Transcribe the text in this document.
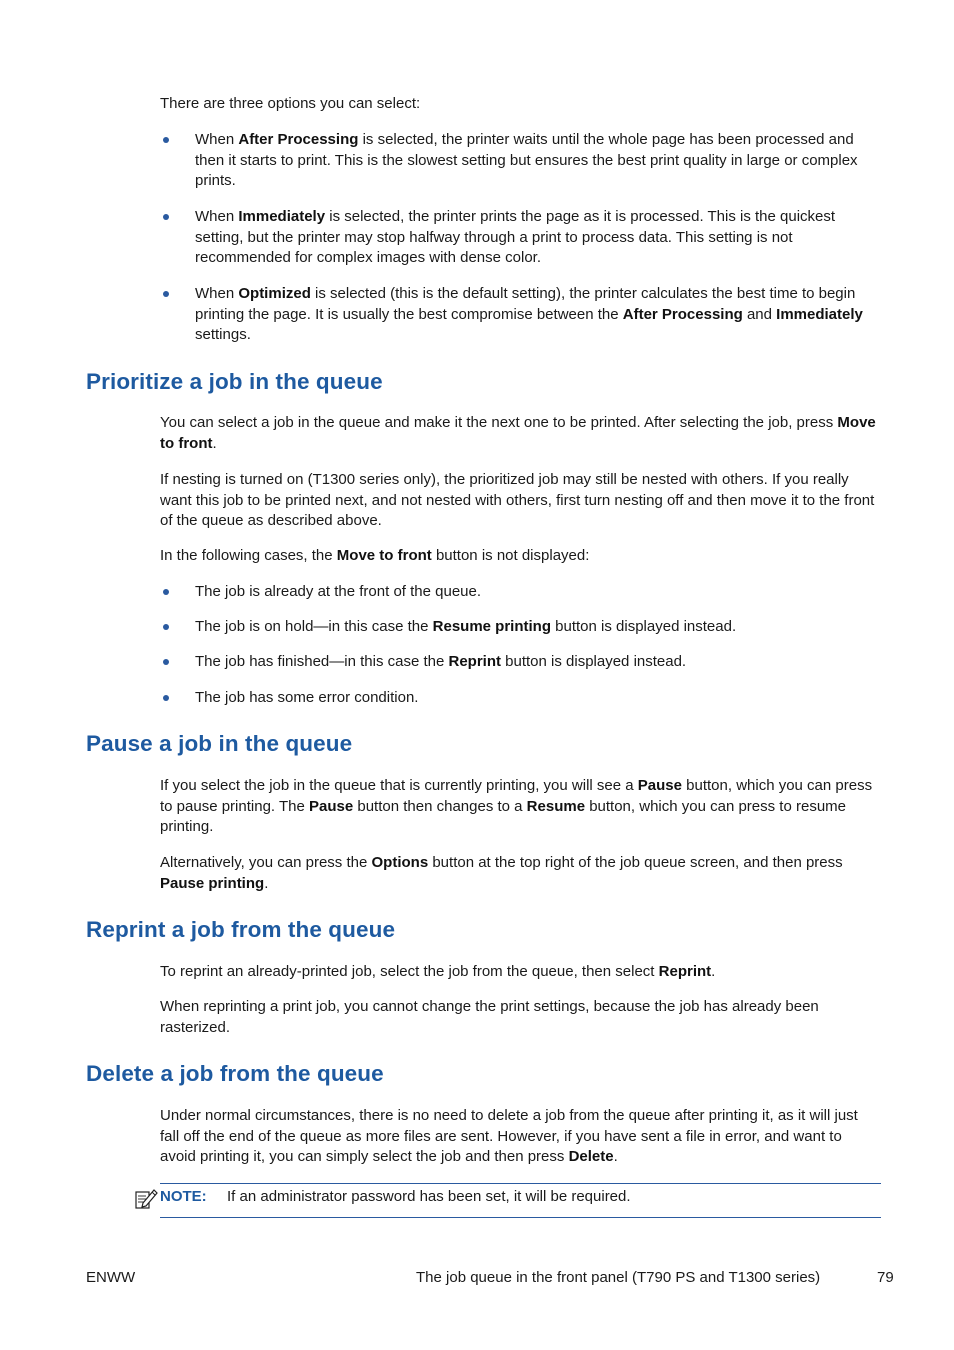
There are three options you can select:

When After Processing is selected, the printer waits until the whole page has been processed and then it starts to print. This is the slowest setting but ensures the best print quality in large or complex prints.

When Immediately is selected, the printer prints the page as it is processed. This is the quickest setting, but the printer may stop halfway through a print to process data. This setting is not recommended for complex images with dense color.

When Optimized is selected (this is the default setting), the printer calculates the best time to begin printing the page. It is usually the best compromise between the After Processing and Immediately settings.

Prioritize a job in the queue

You can select a job in the queue and make it the next one to be printed. After selecting the job, press Move to front.

If nesting is turned on (T1300 series only), the prioritized job may still be nested with others. If you really want this job to be printed next, and not nested with others, first turn nesting off and then move it to the front of the queue as described above.

In the following cases, the Move to front button is not displayed:

The job is already at the front of the queue.

The job is on hold—in this case the Resume printing button is displayed instead.

The job has finished—in this case the Reprint button is displayed instead.

The job has some error condition.

Pause a job in the queue

If you select the job in the queue that is currently printing, you will see a Pause button, which you can press to pause printing. The Pause button then changes to a Resume button, which you can press to resume printing.

Alternatively, you can press the Options button at the top right of the job queue screen, and then press Pause printing.

Reprint a job from the queue

To reprint an already-printed job, select the job from the queue, then select Reprint.

When reprinting a print job, you cannot change the print settings, because the job has already been rasterized.

Delete a job from the queue

Under normal circumstances, there is no need to delete a job from the queue after printing it, as it will just fall off the end of the queue as more files are sent. However, if you have sent a file in error, and want to avoid printing it, you can simply select the job and then press Delete.

NOTE: If an administrator password has been set, it will be required.
ENWW	The job queue in the front panel (T790 PS and T1300 series)	79
